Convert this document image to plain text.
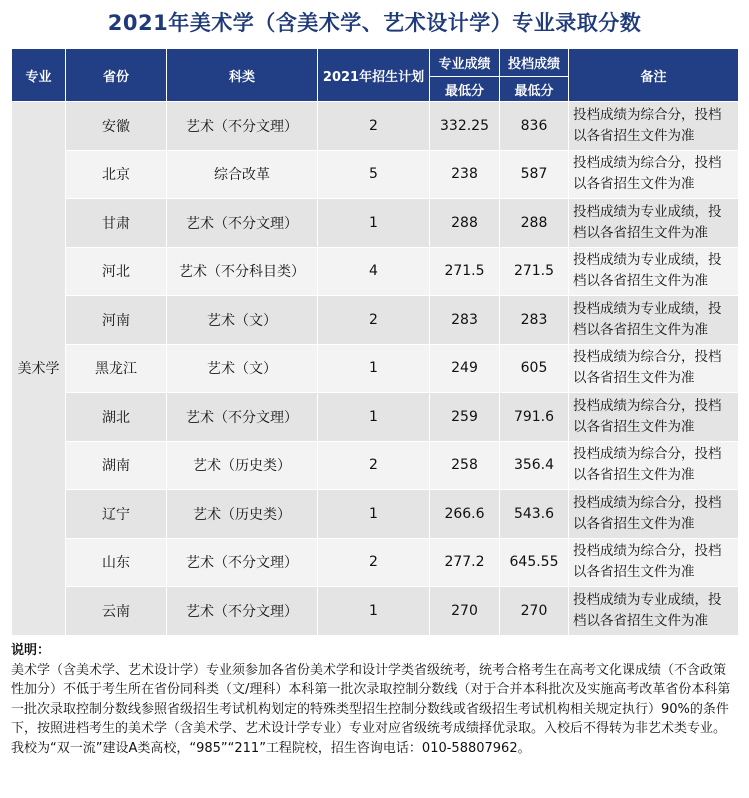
2021年美术学（含美术学、艺术设计学）专业录取分数
专业	省份	科类	2021年招生计划	专业成绩	投档成绩	备注
				最低分	最低分	
美术学	安徽	艺术（不分文理）	2	332.25	836	投档成绩为综合分，投档以各省招生文件为准
	北京	综合改革	5	238	587	投档成绩为综合分，投档以各省招生文件为准
	甘肃	艺术（不分文理）	1	288	288	投档成绩为专业成绩，投档以各省招生文件为准
	河北	艺术（不分科目类）	4	271.5	271.5	投档成绩为专业成绩，投档以各省招生文件为准
	河南	艺术（文）	2	283	283	投档成绩为专业成绩，投档以各省招生文件为准
	黑龙江	艺术（文）	1	249	605	投档成绩为综合分，投档以各省招生文件为准
	湖北	艺术（不分文理）	1	259	791.6	投档成绩为综合分，投档以各省招生文件为准
	湖南	艺术（历史类）	2	258	356.4	投档成绩为综合分，投档以各省招生文件为准
	辽宁	艺术（历史类）	1	266.6	543.6	投档成绩为综合分，投档以各省招生文件为准
	山东	艺术（不分文理）	2	277.2	645.55	投档成绩为综合分，投档以各省招生文件为准
	云南	艺术（不分文理）	1	270	270	投档成绩为专业成绩，投档以各省招生文件为准
说明：
美术学（含美术学、艺术设计学）专业须参加各省份美术学和设计学类省级统考，统考合格考生在高考文化课成绩（不含政策性加分）不低于考生所在省份同科类（文/理科）本科第一批次录取控制分数线（对于合并本科批次及实施高考改革省份本科第一批次录取控制分数线参照省级招生考试机构划定的特殊类型招生控制分数线或省级招生考试机构相关规定执行）90%的条件下，按照进档考生的美术学（含美术学、艺术设计学专业）专业对应省级统考成绩择优录取。入校后不得转为非艺术类专业。
我校为“双一流”建设A类高校，“985”“211”工程院校，招生咨询电话：010-58807962。
